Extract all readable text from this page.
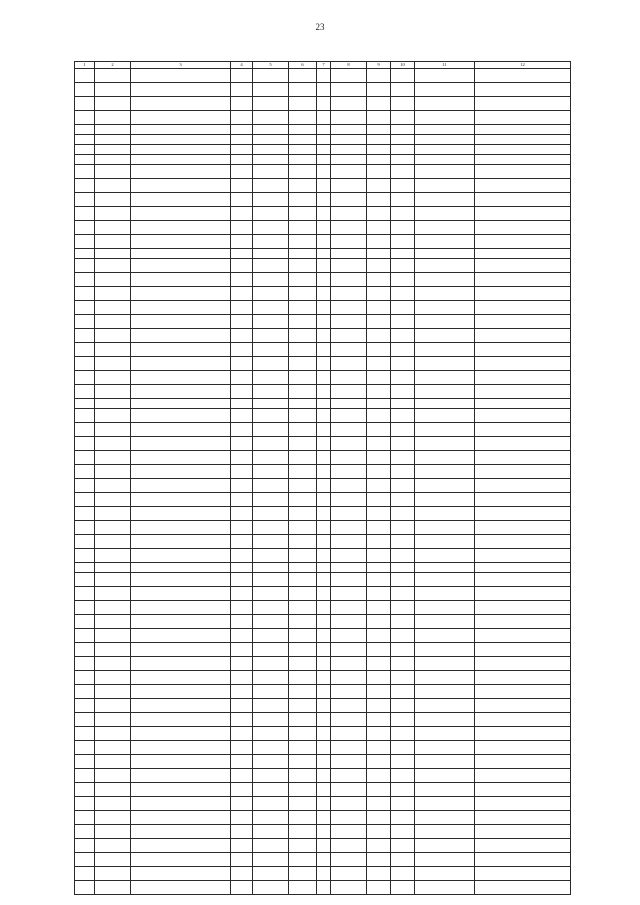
23
1	2	3	4	5	6	7	8	9	10	11	12
